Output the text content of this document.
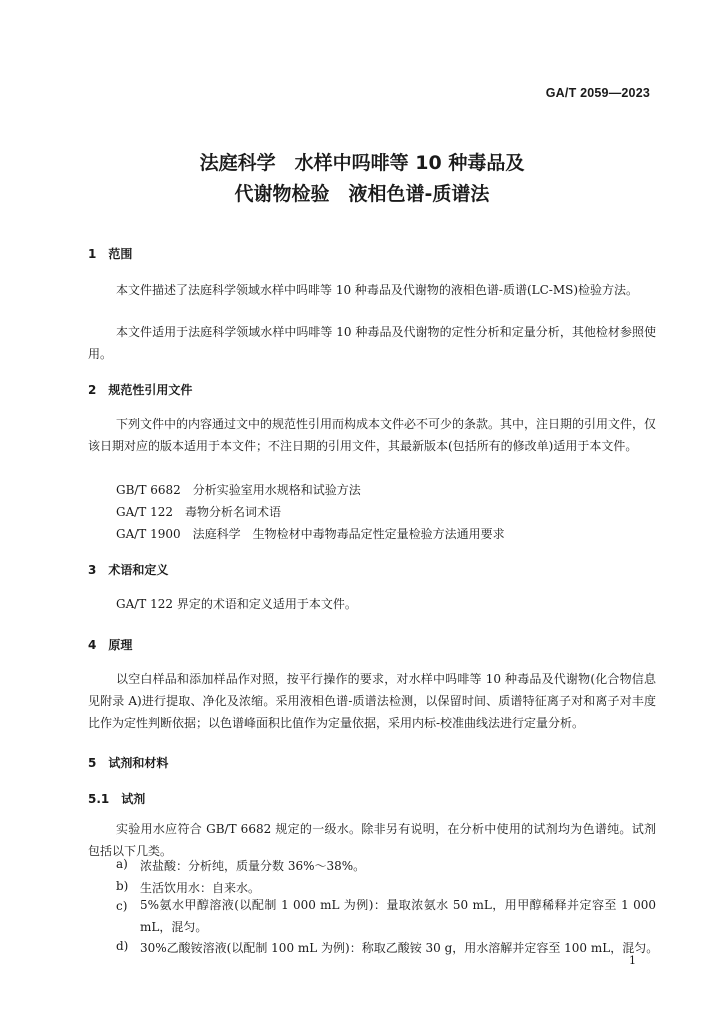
GA/T 2059—2023
法庭科学　水样中吗啡等 10 种毒品及
代谢物检验　液相色谱-质谱法
1　范围
本文件描述了法庭科学领域水样中吗啡等 10 种毒品及代谢物的液相色谱-质谱(LC-MS)检验方法。
本文件适用于法庭科学领域水样中吗啡等 10 种毒品及代谢物的定性分析和定量分析，其他检材参照使用。
2　规范性引用文件
下列文件中的内容通过文中的规范性引用而构成本文件必不可少的条款。其中，注日期的引用文件，仅该日期对应的版本适用于本文件；不注日期的引用文件，其最新版本(包括所有的修改单)适用于本文件。
GB/T 6682　分析实验室用水规格和试验方法
GA/T 122　毒物分析名词术语
GA/T 1900　法庭科学　生物检材中毒物毒品定性定量检验方法通用要求
3　术语和定义
GA/T 122 界定的术语和定义适用于本文件。
4　原理
以空白样品和添加样品作对照，按平行操作的要求，对水样中吗啡等 10 种毒品及代谢物(化合物信息见附录 A)进行提取、净化及浓缩。采用液相色谱-质谱法检测，以保留时间、质谱特征离子对和离子对丰度比作为定性判断依据；以色谱峰面积比值作为定量依据，采用内标-校准曲线法进行定量分析。
5　试剂和材料
5.1　试剂
实验用水应符合 GB/T 6682 规定的一级水。除非另有说明，在分析中使用的试剂均为色谱纯。试剂包括以下几类。
a) 浓盐酸：分析纯，质量分数 36%～38%。
b) 生活饮用水：自来水。
c) 5%氨水甲醇溶液(以配制 1 000 mL 为例)：量取浓氨水 50 mL，用甲醇稀释并定容至 1 000 mL，混匀。
d) 30%乙酸铵溶液(以配制 100 mL 为例)：称取乙酸铵 30 g，用水溶解并定容至 100 mL，混匀。
1
